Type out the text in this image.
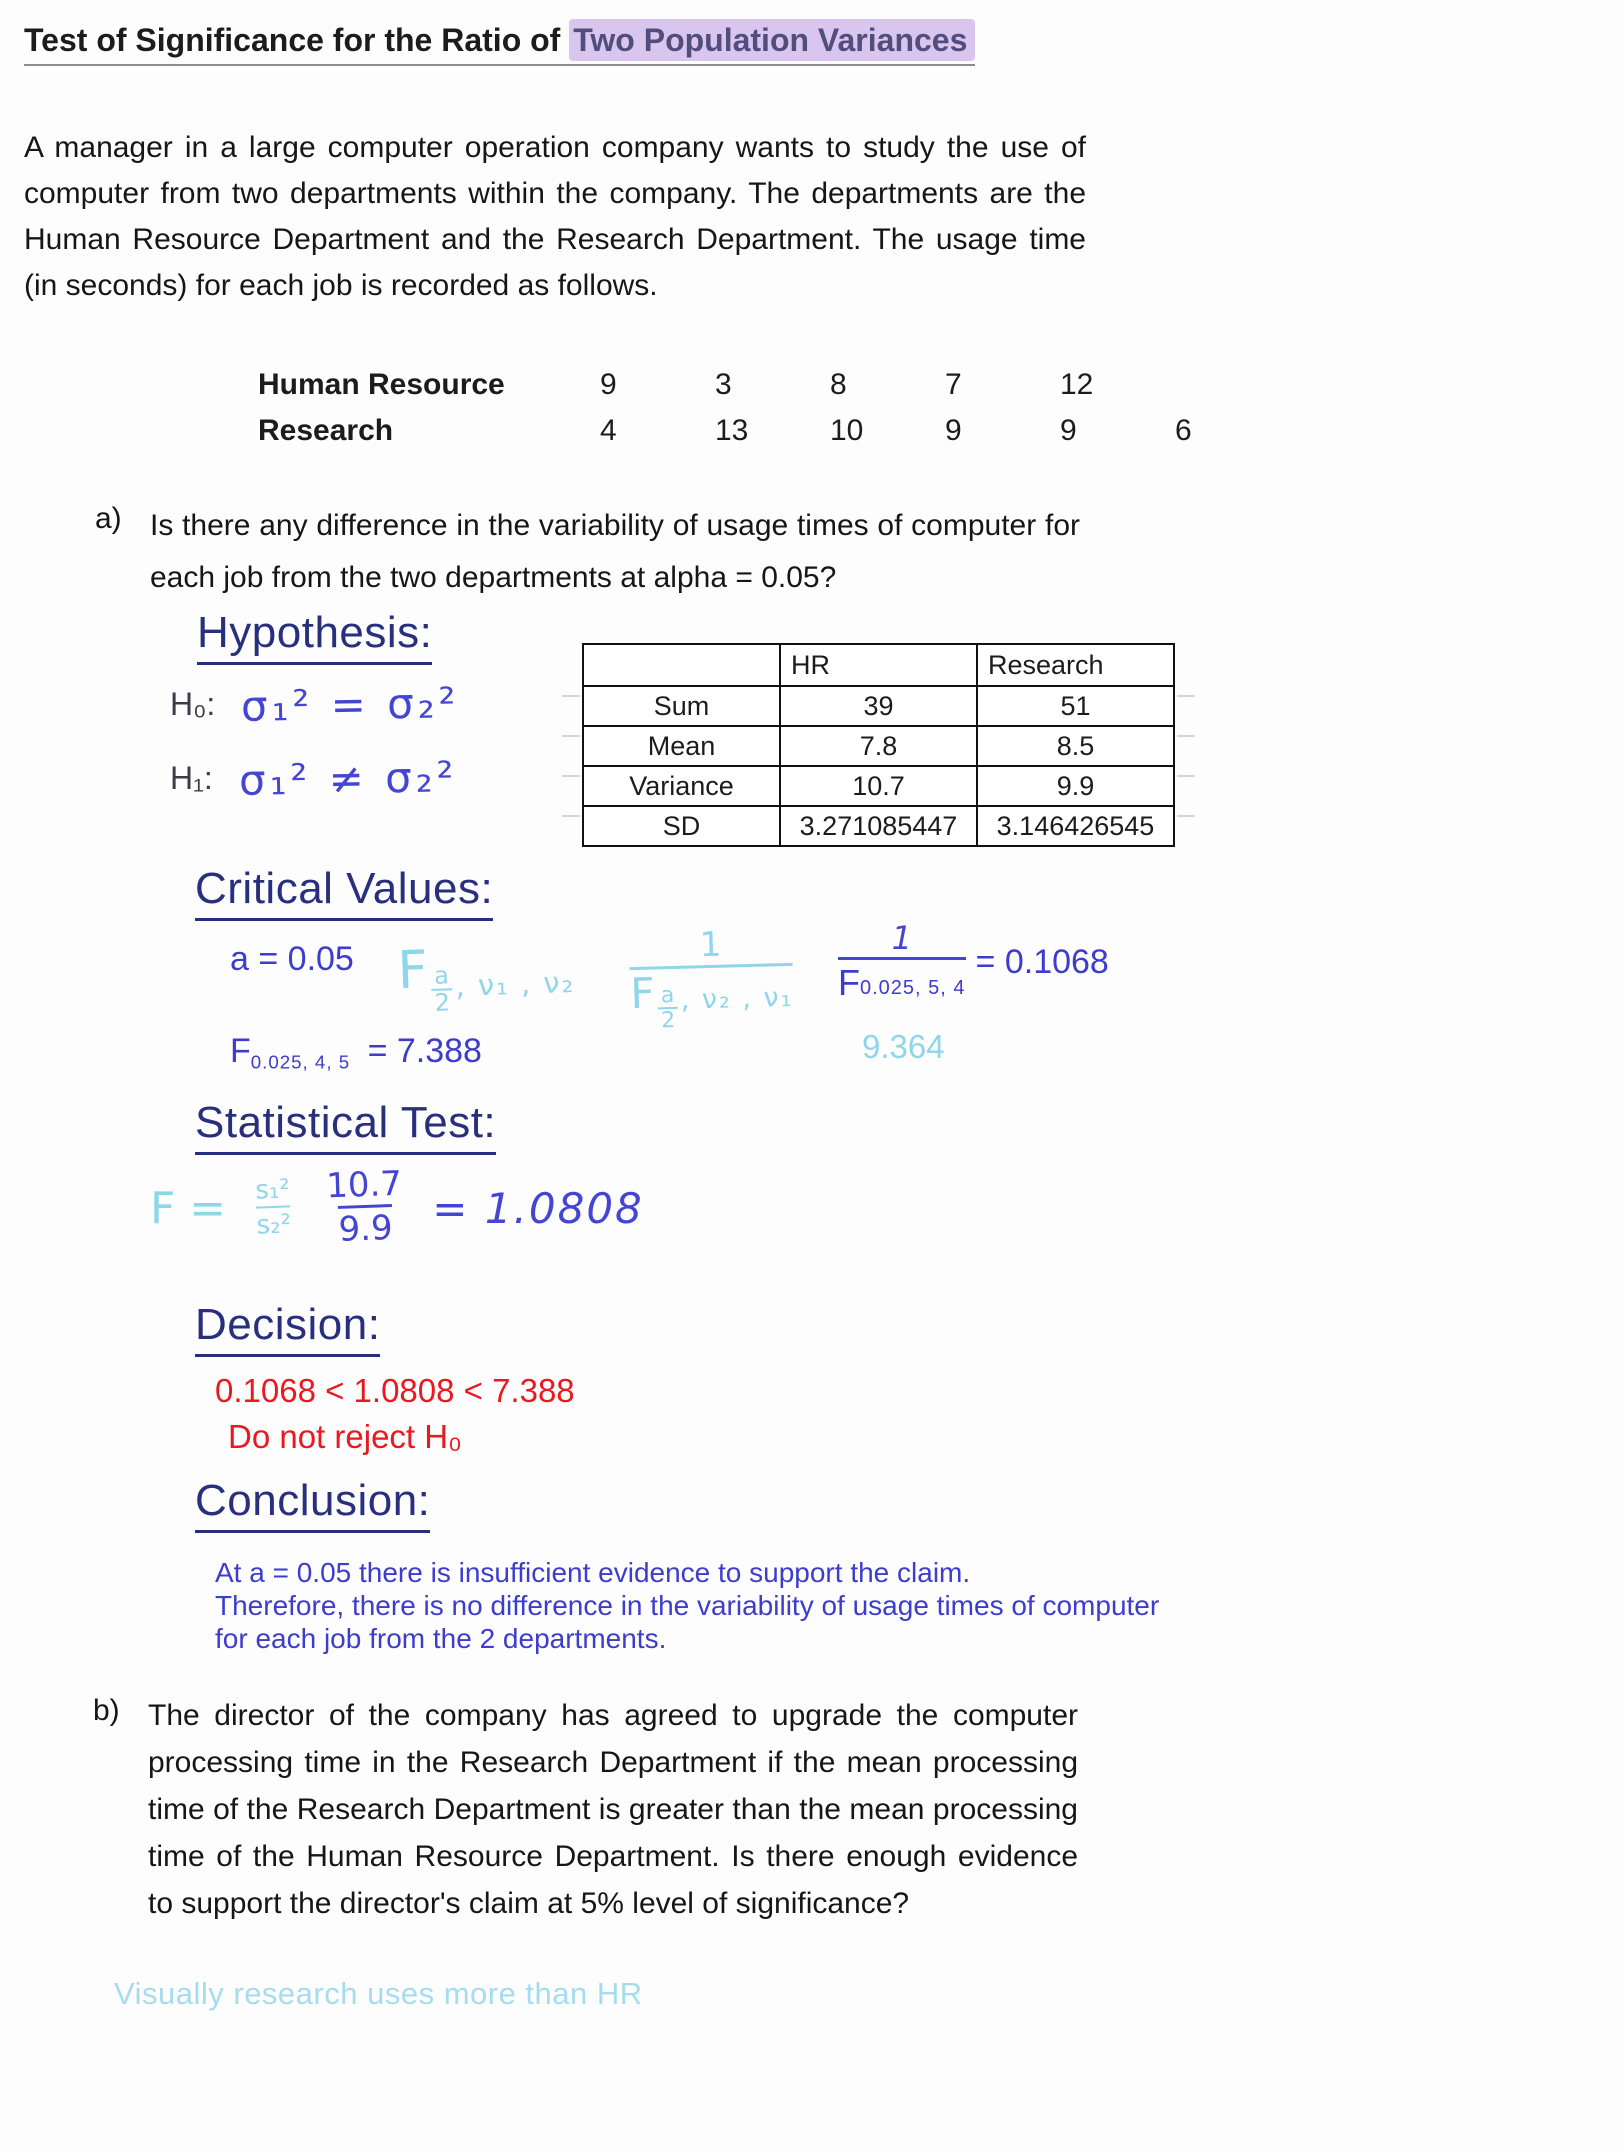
Test of Significance for the Ratio of Two Population Variances
A manager in a large computer operation company wants to study the use of computer from two departments within the company. The departments are the Human Resource Department and the Research Department. The usage time (in seconds) for each job is recorded as follows.
Human Resource	9	3	8	7	12
Research	4	13	10	9	9	6
a) Is there any difference in the variability of usage times of computer for each job from the two departments at alpha = 0.05?
Hypothesis:
H₀: σ₁² = σ₂²
H₁: σ₁² ≠ σ₂²
	HR	Research
Sum	39	51
Mean	7.8	8.5
Variance	10.7	9.9
SD	3.271085447	3.146426545
Critical Values:
a = 0.05 F $\frac{a}{2}$ , ν₁ , ν₂
1
F $\frac{a}{2}$ , ν₂ , ν₁
1
F 0.025, 5, 4
= 0.1068
9.364
F0.025, 4, 5 = 7.388
Statistical Test:
$F = \frac{\text{s₁²}}{\text{s₂²}} \frac{10.7}{9.9} = 1.0808$
Decision:
0.1068 < 1.0808 < 7.388
Do not reject H₀
Conclusion:
At a = 0.05 there is insufficient evidence to support the claim.
Therefore, there is no difference in the variability of usage times of computer
for each job from the 2 departments.
b) The director of the company has agreed to upgrade the computer processing time in the Research Department if the mean processing time of the Research Department is greater than the mean processing time of the Human Resource Department. Is there enough evidence to support the director's claim at 5% level of significance?
Visually research uses more than HR
